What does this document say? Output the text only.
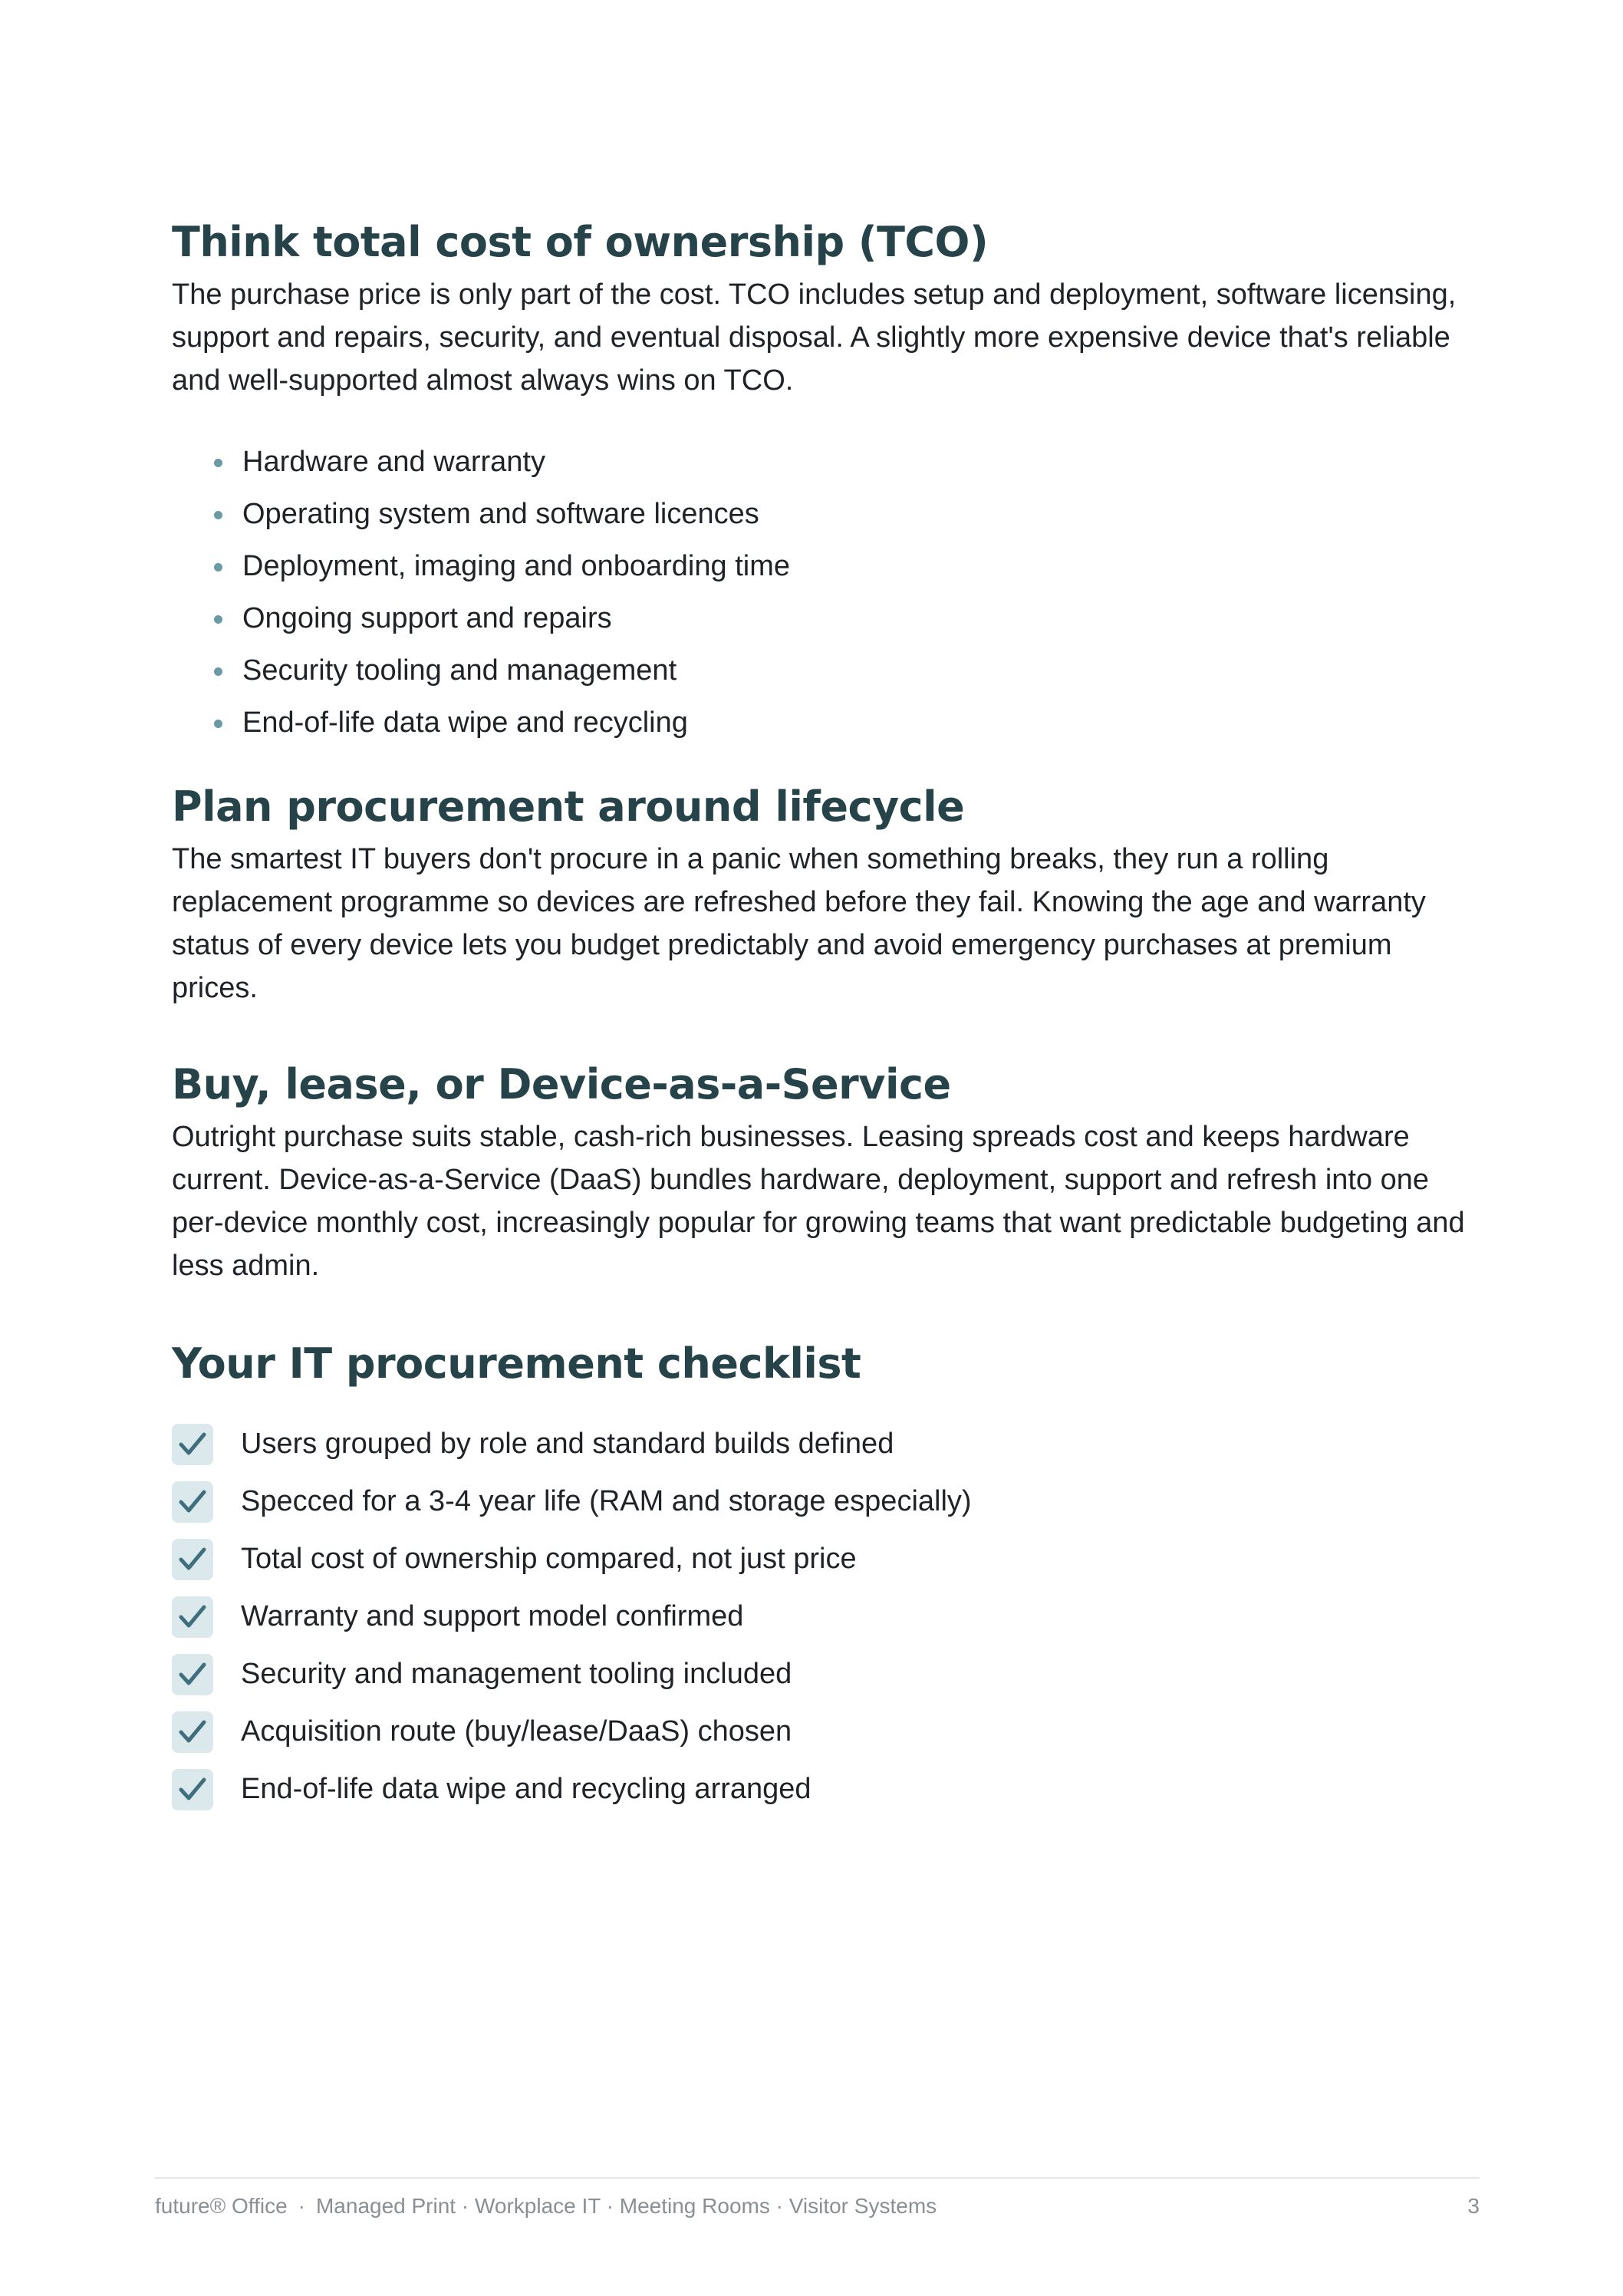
Think total cost of ownership (TCO)

The purchase price is only part of the cost. TCO includes setup and deployment, software licensing, support and repairs, security, and eventual disposal. A slightly more expensive device that's reliable and well-supported almost always wins on TCO.

Hardware and warranty
Operating system and software licences
Deployment, imaging and onboarding time
Ongoing support and repairs
Security tooling and management
End-of-life data wipe and recycling
Plan procurement around lifecycle

The smartest IT buyers don't procure in a panic when something breaks, they run a rolling replacement programme so devices are refreshed before they fail. Knowing the age and warranty status of every device lets you budget predictably and avoid emergency purchases at premium prices.

Buy, lease, or Device-as-a-Service

Outright purchase suits stable, cash-rich businesses. Leasing spreads cost and keeps hardware current. Device-as-a-Service (DaaS) bundles hardware, deployment, support and refresh into one per-device monthly cost, increasingly popular for growing teams that want predictable budgeting and less admin.

Your IT procurement checklist
Users grouped by role and standard builds defined
Specced for a 3-4 year life (RAM and storage especially)
Total cost of ownership compared, not just price
Warranty and support model confirmed
Security and management tooling included
Acquisition route (buy/lease/DaaS) chosen
End-of-life data wipe and recycling arranged
future® Office · Managed Print · Workplace IT · Meeting Rooms · Visitor Systems	3
